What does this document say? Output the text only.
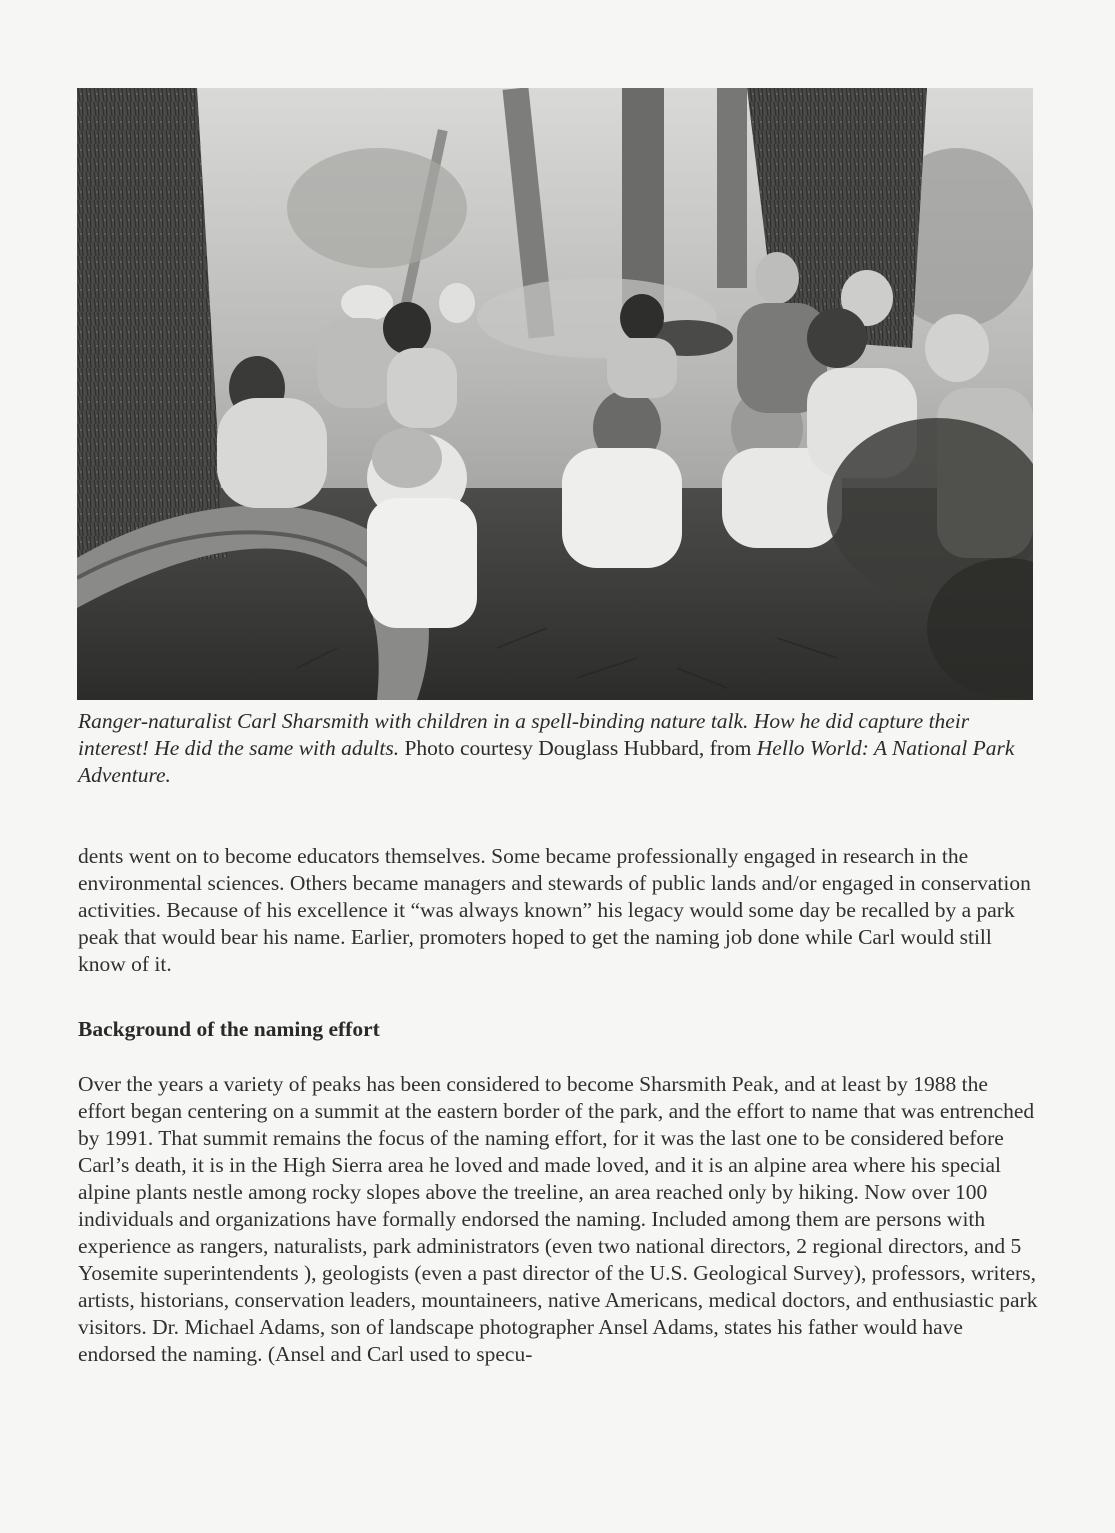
Ranger-naturalist Carl Sharsmith with children in a spell-binding nature talk. How he did capture their interest! He did the same with adults. Photo courtesy Douglass Hubbard, from Hello World: A National Park Adventure.

dents went on to become educators themselves. Some became professionally engaged in research in the environmental sciences. Others became managers and stewards of public lands and/or engaged in conservation activities. Because of his excellence it “was always known” his legacy would some day be recalled by a park peak that would bear his name. Earlier, promoters hoped to get the naming job done while Carl would still know of it.

Background of the naming effort

Over the years a variety of peaks has been considered to become Sharsmith Peak, and at least by 1988 the effort began centering on a summit at the eastern border of the park, and the effort to name that was entrenched by 1991. That summit remains the focus of the naming effort, for it was the last one to be considered before Carl’s death, it is in the High Sierra area he loved and made loved, and it is an alpine area where his special alpine plants nestle among rocky slopes above the treeline, an area reached only by hiking. Now over 100 individuals and organizations have formally endorsed the naming. Included among them are persons with experience as rangers, naturalists, park administrators (even two national directors, 2 regional directors, and 5 Yosemite superintendents ), geologists (even a past director of the U.S. Geological Survey), professors, writers, artists, historians, conservation leaders, mountaineers, native Americans, medical doctors, and enthusiastic park visitors. Dr. Michael Adams, son of landscape photographer Ansel Adams, states his father would have endorsed the naming. (Ansel and Carl used to specu-
